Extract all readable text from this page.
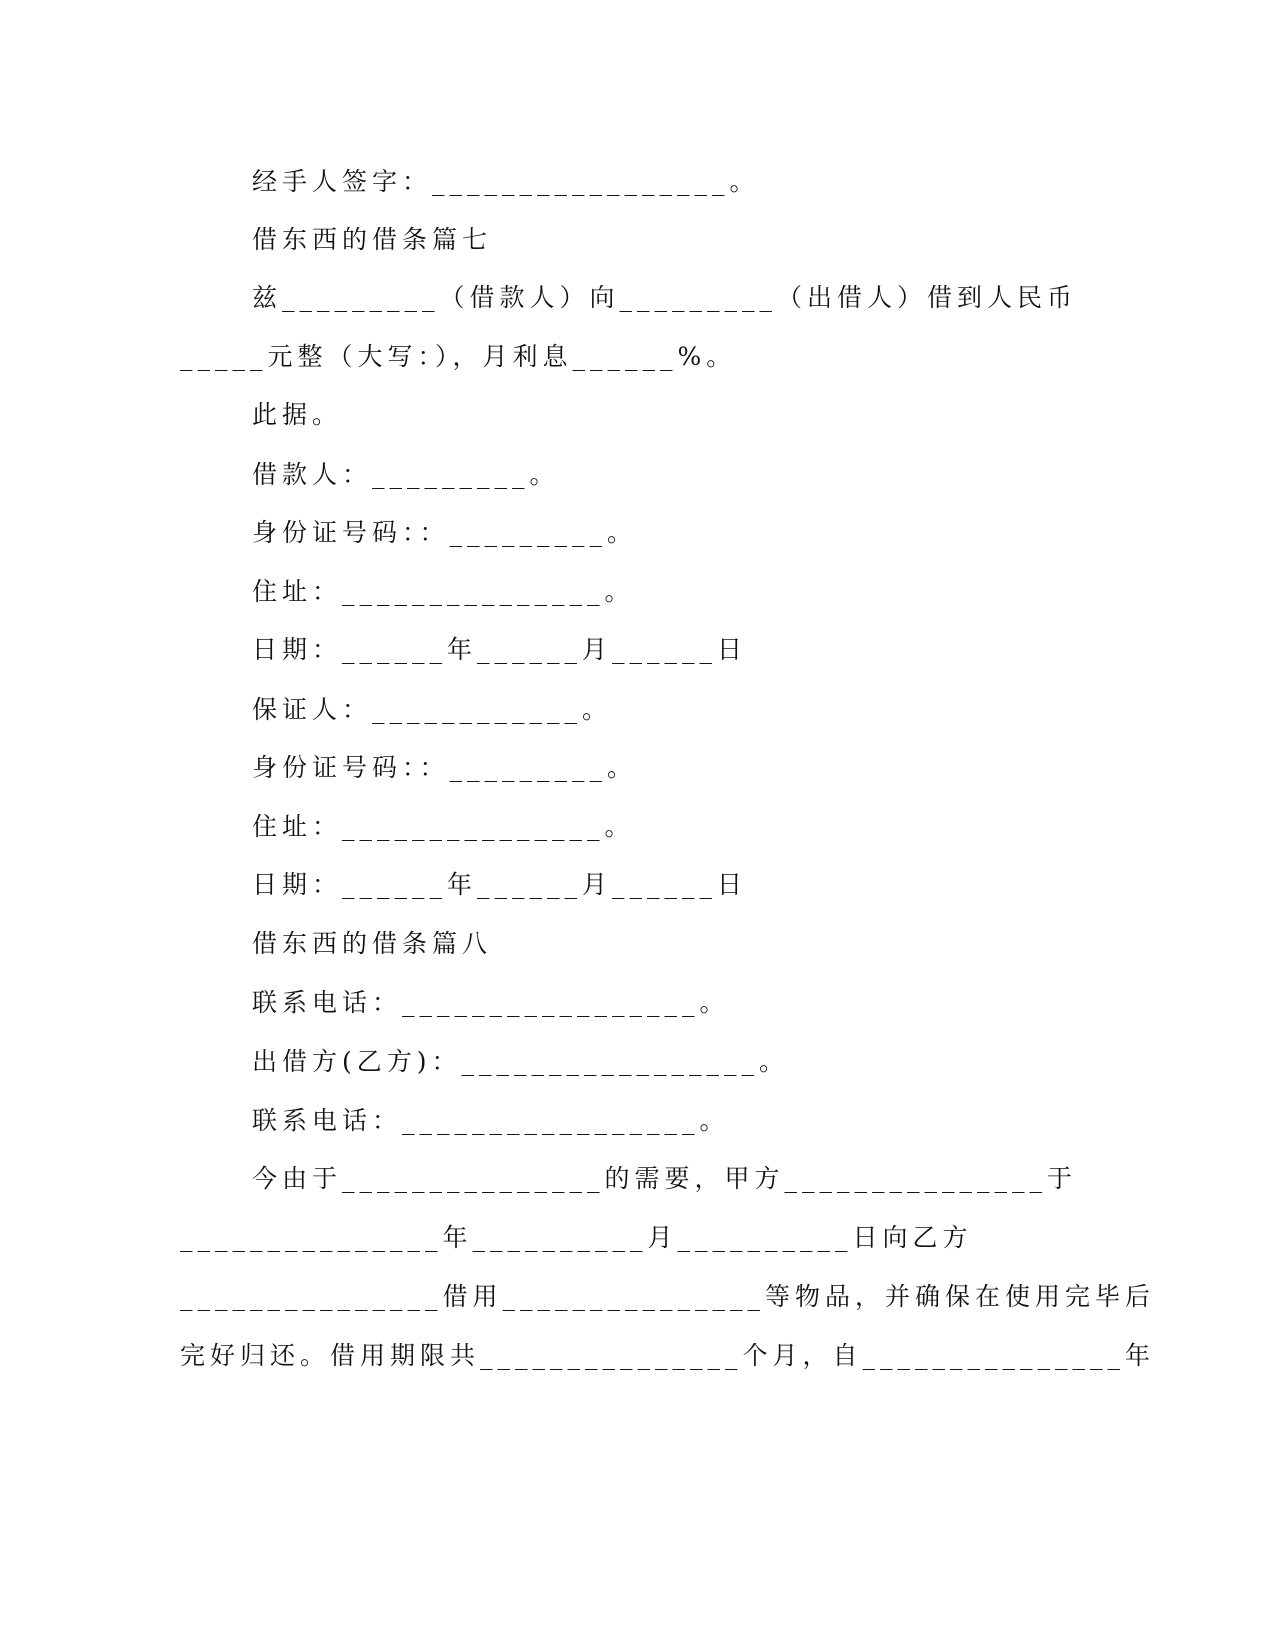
经手人签字：_________________。
借东西的借条篇七
兹_________（借款人）向_________（出借人）借到人民币
_____元整（大写：），月利息______%。
此据。
借款人：_________。
身份证号码：：_________。
住址：_______________。
日期：______年______月______日
保证人：____________。
身份证号码：：_________。
住址：_______________。
日期：______年______月______日
借东西的借条篇八
联系电话：_________________。
出借方(乙方)：_________________。
联系电话：_________________。
今由于_______________的需要，甲方_______________于
_______________年__________月__________日向乙方
_______________借用_______________等物品，并确保在使用完毕后
完好归还。借用期限共_______________个月，自_______________年
